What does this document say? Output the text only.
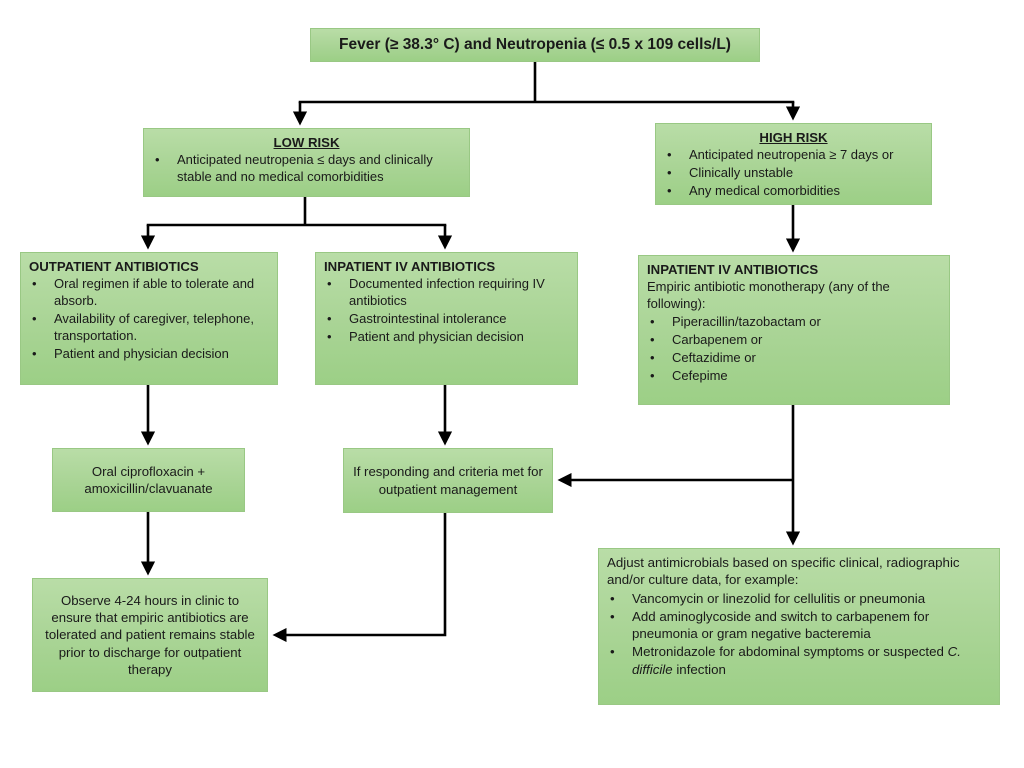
Fever (≥ 38.3° C) and Neutropenia (≤ 0.5 x 109 cells/L)
LOW RISK
• Anticipated neutropenia ≤ days and clinically stable and no medical comorbidities
HIGH RISK
• Anticipated neutropenia ≥ 7 days or
• Clinically unstable
• Any medical comorbidities
OUTPATIENT ANTIBIOTICS
• Oral regimen if able to tolerate and absorb.
• Availability of caregiver, telephone, transportation.
• Patient and physician decision
INPATIENT IV ANTIBIOTICS
• Documented infection requiring IV antibiotics
• Gastrointestinal intolerance
• Patient and physician decision
INPATIENT IV ANTIBIOTICS
Empiric antibiotic monotherapy (any of the following):
• Piperacillin/tazobactam or
• Carbapenem or
• Ceftazidime or
• Cefepime
Oral ciprofloxacin + amoxicillin/clavuanate
If responding and criteria met for outpatient management
Observe 4-24 hours in clinic to ensure that empiric antibiotics are tolerated and patient remains stable prior to discharge for outpatient therapy
Adjust antimicrobials based on specific clinical, radiographic and/or culture data, for example:
• Vancomycin or linezolid for cellulitis or pneumonia
• Add aminoglycoside and switch to carbapenem for pneumonia or gram negative bacteremia
• Metronidazole for abdominal symptoms or suspected C. difficile infection
